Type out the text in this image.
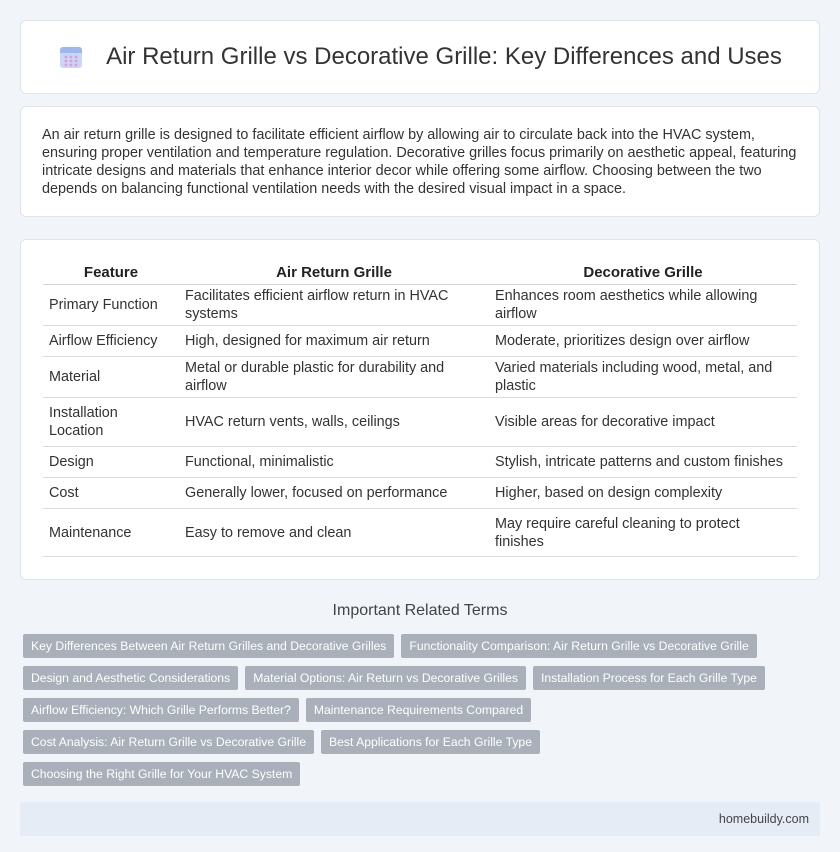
Air Return Grille vs Decorative Grille: Key Differences and Uses

An air return grille is designed to facilitate efficient airflow by allowing air to circulate back into the HVAC system, ensuring proper ventilation and temperature regulation. Decorative grilles focus primarily on aesthetic appeal, featuring intricate designs and materials that enhance interior decor while offering some airflow. Choosing between the two depends on balancing functional ventilation needs with the desired visual impact in a space.

Feature	Air Return Grille	Decorative Grille
Primary Function	Facilitates efficient airflow return in HVAC systems	Enhances room aesthetics while allowing airflow
Airflow Efficiency	High, designed for maximum air return	Moderate, prioritizes design over airflow
Material	Metal or durable plastic for durability and airflow	Varied materials including wood, metal, and plastic
Installation Location	HVAC return vents, walls, ceilings	Visible areas for decorative impact
Design	Functional, minimalistic	Stylish, intricate patterns and custom finishes
Cost	Generally lower, focused on performance	Higher, based on design complexity
Maintenance	Easy to remove and clean	May require careful cleaning to protect finishes
Important Related Terms
Key Differences Between Air Return Grilles and Decorative Grilles	Functionality Comparison: Air Return Grille vs Decorative Grille
Design and Aesthetic Considerations	Material Options: Air Return vs Decorative Grilles	Installation Process for Each Grille Type
Airflow Efficiency: Which Grille Performs Better?	Maintenance Requirements Compared
Cost Analysis: Air Return Grille vs Decorative Grille	Best Applications for Each Grille Type
Choosing the Right Grille for Your HVAC System
homebuildy.com
